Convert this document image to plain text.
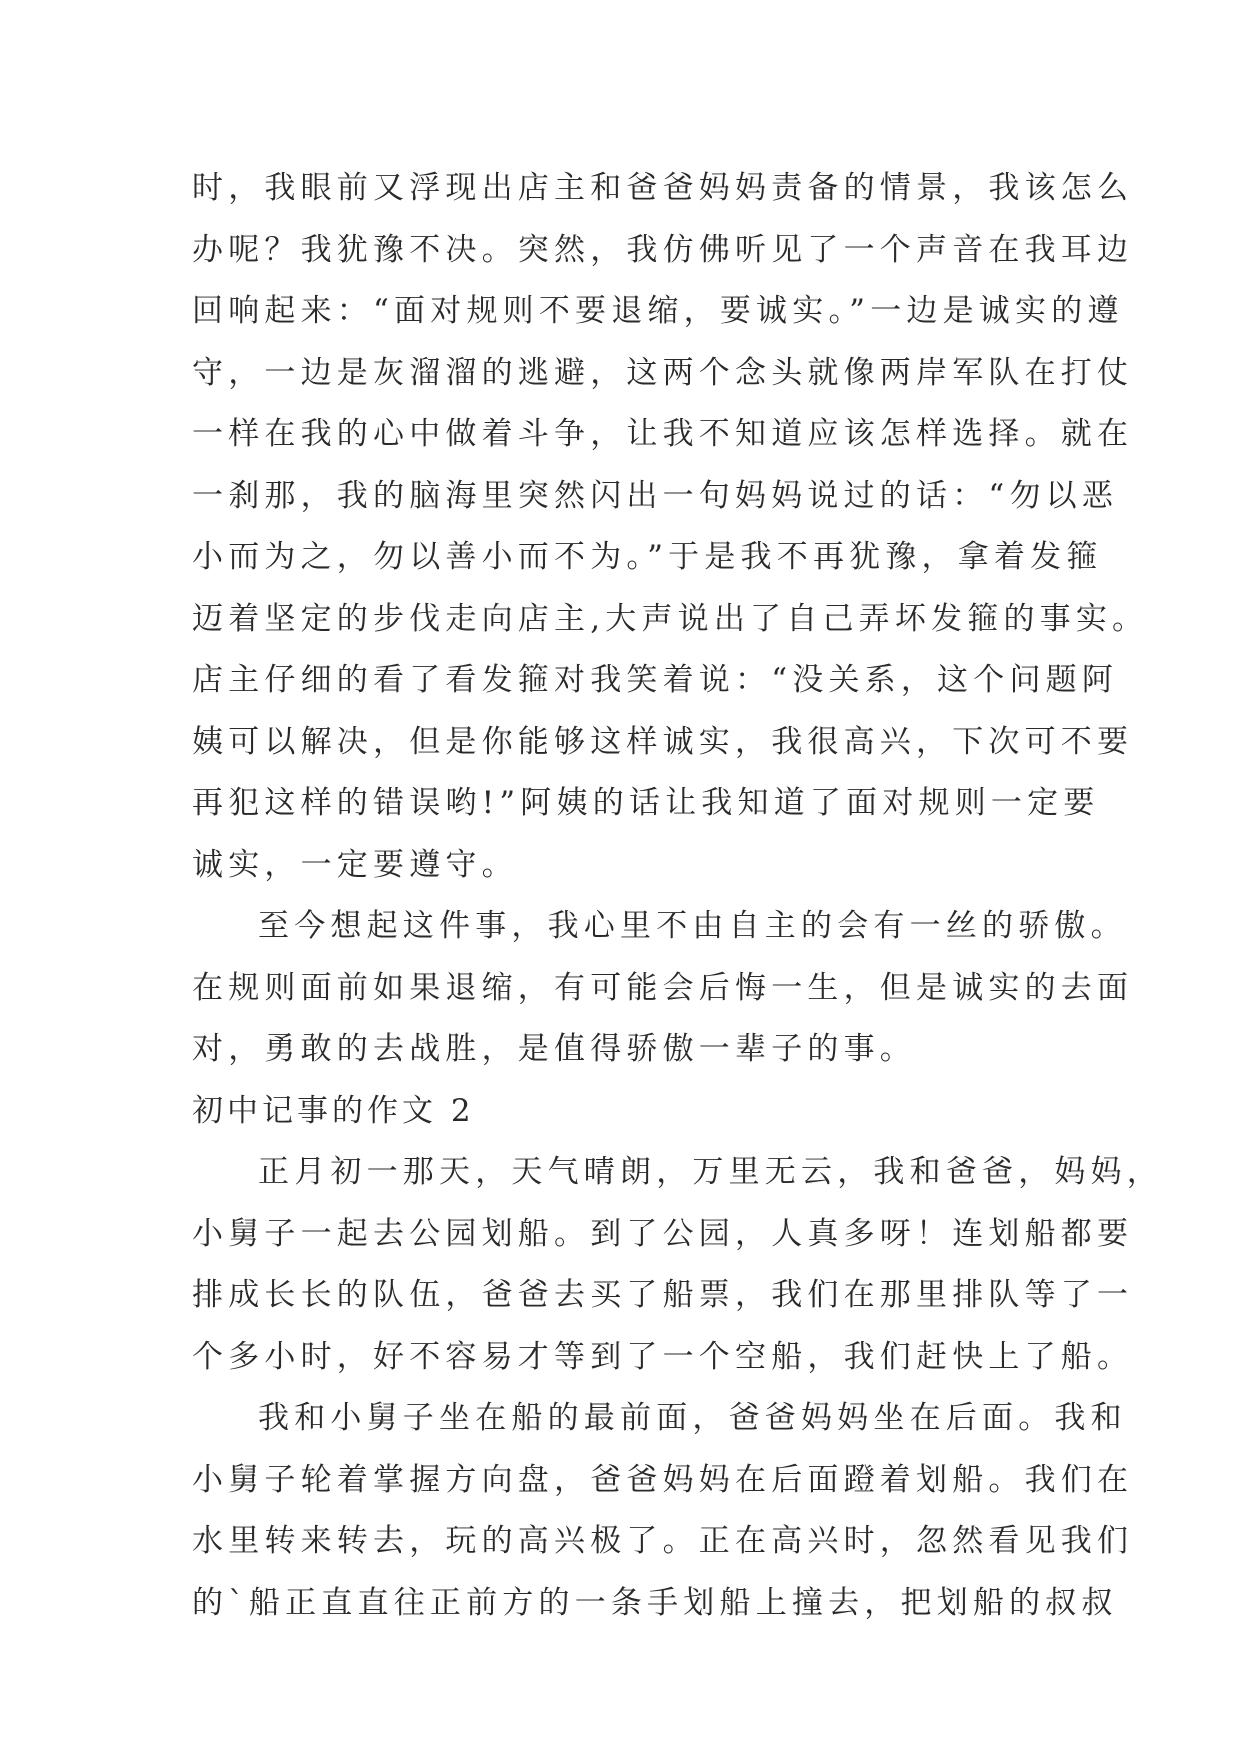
时，我眼前又浮现出店主和爸爸妈妈责备的情景，我该怎么
办呢？我犹豫不决。突然，我仿佛听见了一个声音在我耳边
回响起来：“面对规则不要退缩，要诚实。”一边是诚实的遵
守，一边是灰溜溜的逃避，这两个念头就像两岸军队在打仗
一样在我的心中做着斗争，让我不知道应该怎样选择。就在
一刹那，我的脑海里突然闪出一句妈妈说过的话：“勿以恶
小而为之，勿以善小而不为。”于是我不再犹豫，拿着发箍
迈着坚定的步伐走向店主,大声说出了自己弄坏发箍的事实。
店主仔细的看了看发箍对我笑着说：“没关系，这个问题阿
姨可以解决，但是你能够这样诚实，我很高兴，下次可不要
再犯这样的错误哟!”阿姨的话让我知道了面对规则一定要
诚实，一定要遵守。
至今想起这件事，我心里不由自主的会有一丝的骄傲。
在规则面前如果退缩，有可能会后悔一生，但是诚实的去面
对，勇敢的去战胜，是值得骄傲一辈子的事。
初中记事的作文 2
正月初一那天，天气晴朗，万里无云，我和爸爸，妈妈，
小舅子一起去公园划船。到了公园，人真多呀！连划船都要
排成长长的队伍，爸爸去买了船票，我们在那里排队等了一
个多小时，好不容易才等到了一个空船，我们赶快上了船。
我和小舅子坐在船的最前面，爸爸妈妈坐在后面。我和
小舅子轮着掌握方向盘，爸爸妈妈在后面蹬着划船。我们在
水里转来转去，玩的高兴极了。正在高兴时，忽然看见我们
的`船正直直往正前方的一条手划船上撞去，把划船的叔叔
